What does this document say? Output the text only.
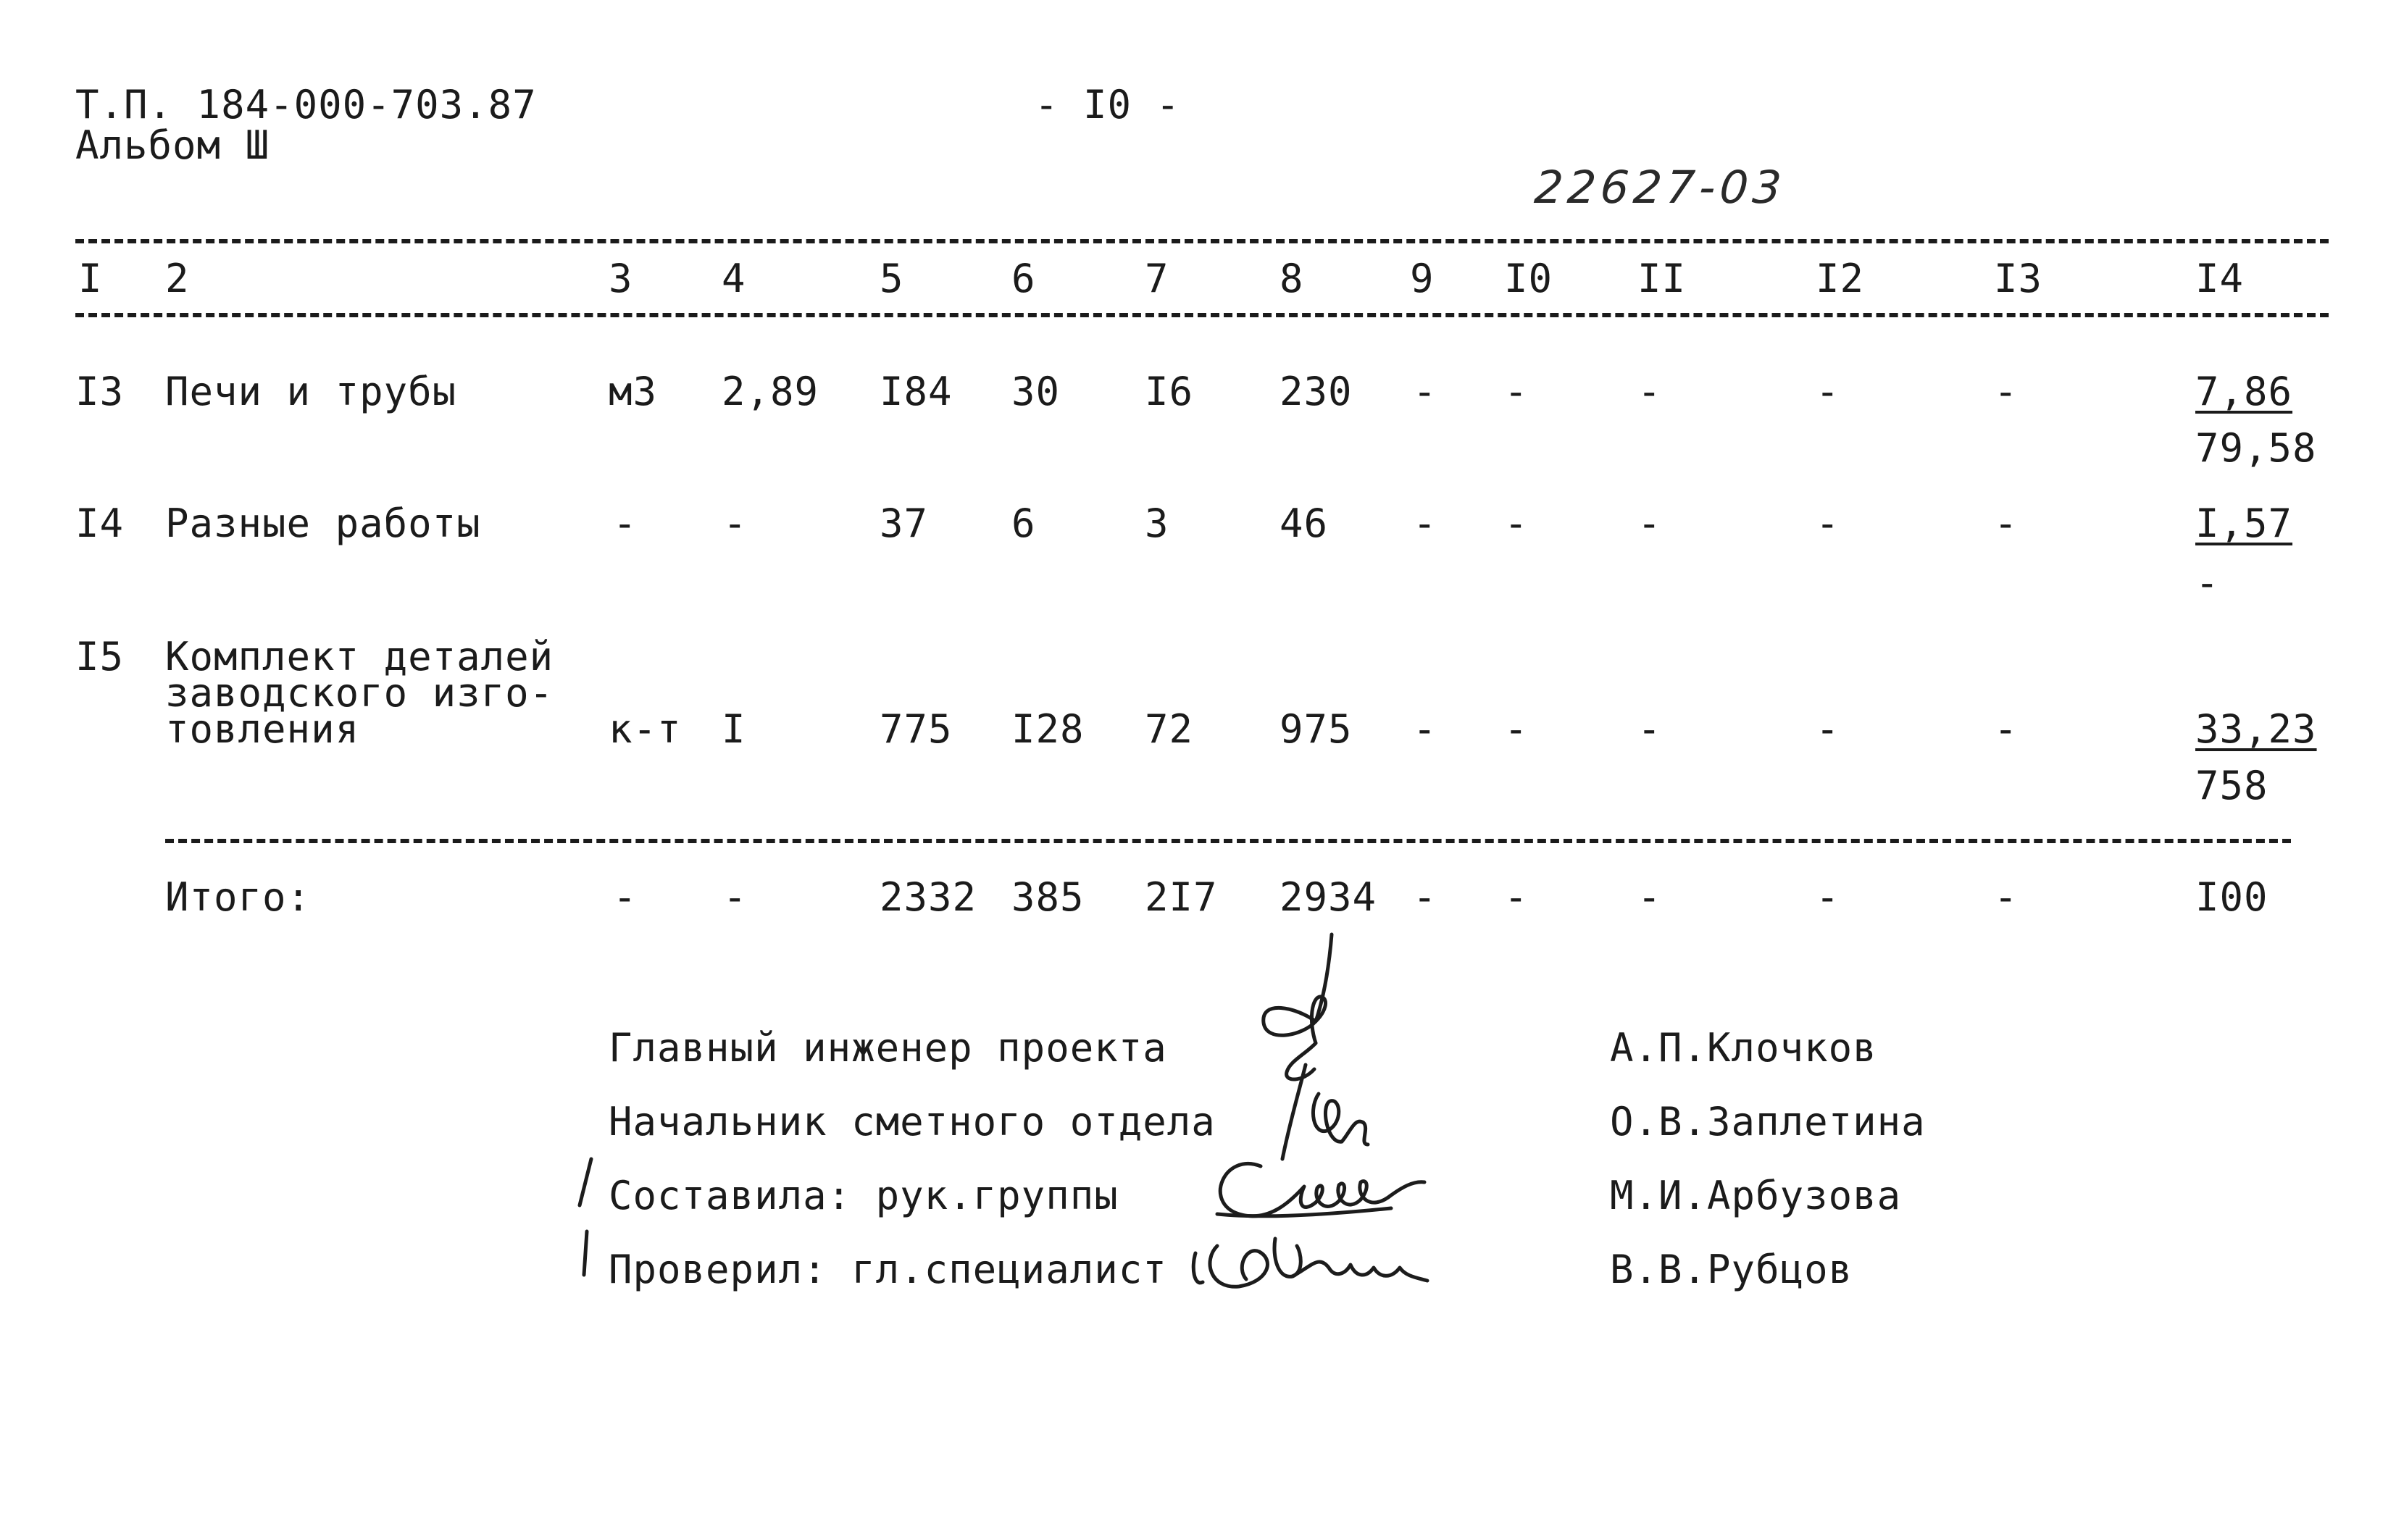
Т.П. 184-000-703.87
Альбом Ш
- I0 -
22627-03
I 2	3 4	5	6	7	8	9 I0 II	I2	I3	I4
I3 Печи и трубы	м3 2,89 I84 30 I6 230 - -	-	-	-	7,86
79,58
I4 Разные работы	- -	37 6	3	46 - -	-	-	-	I,57
-
I5 Комплект деталей
заводского изго-
товления	к-т I	775 I28 72 975 - -	-	-	-	33,23
758
Итого:	- -	2332 385 2I7 2934 - -	-	-	-	I00
Главный инженер проекта	А.П.Клочков
Начальник сметного отдела	О.В.Заплетина
Составила: рук.группы	М.И.Арбузова
Проверил: гл.специалист	В.В.Рубцов
